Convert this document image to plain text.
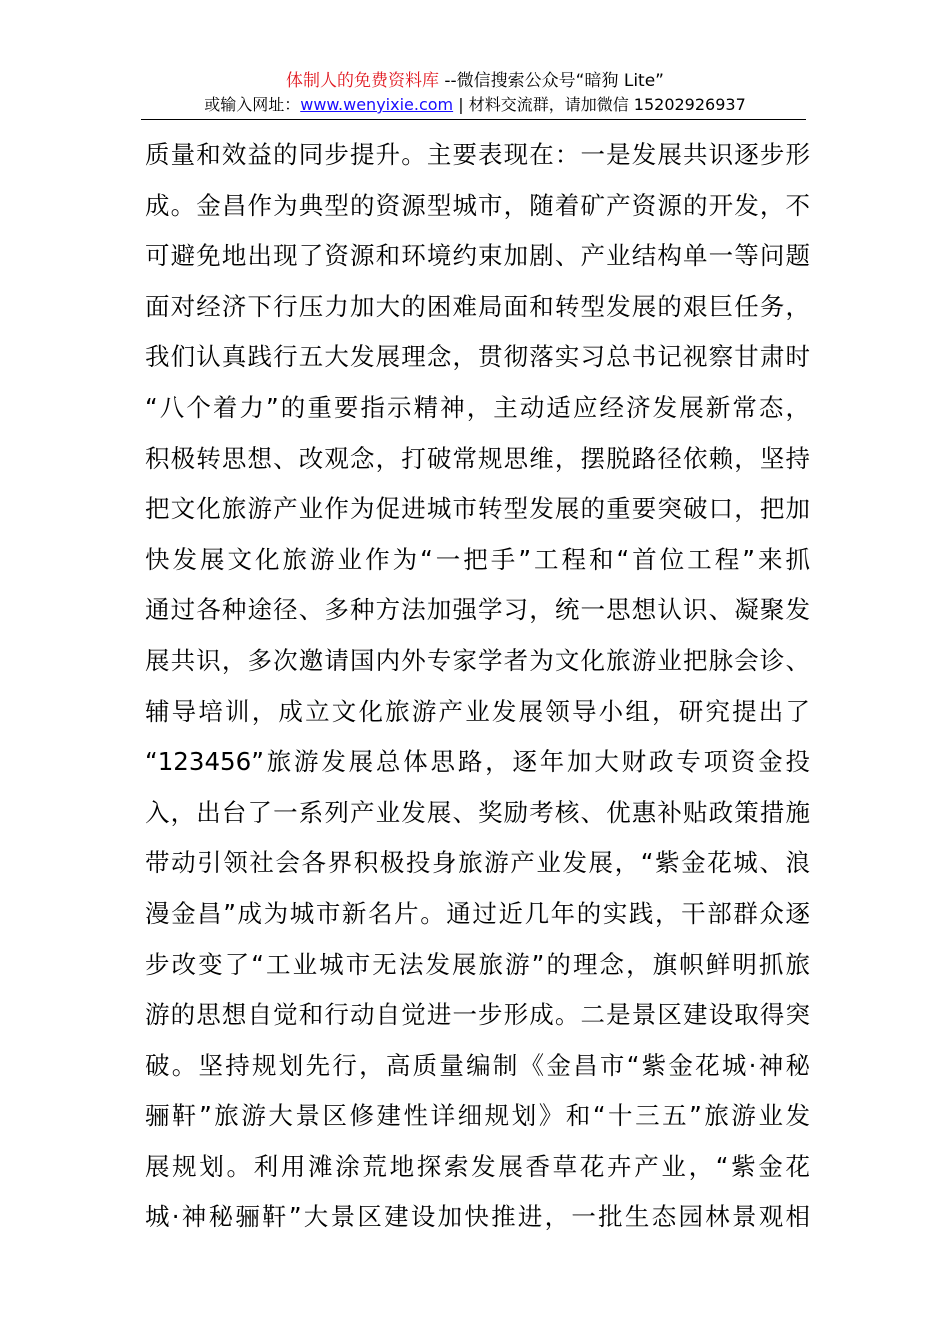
体制人的免费资料库 --微信搜索公众号“暗狗 Lite”
或输入网址：www.wenyixie.com | 材料交流群，请加微信 15202926937
质量和效益的同步提升。主要表现在：一是发展共识逐步形
成。金昌作为典型的资源型城市，随着矿产资源的开发，不
可避免地出现了资源和环境约束加剧、产业结构单一等问题
面对经济下行压力加大的困难局面和转型发展的艰巨任务，
我们认真践行五大发展理念，贯彻落实习总书记视察甘肃时
“八个着力”的重要指示精神，主动适应经济发展新常态，
积极转思想、改观念，打破常规思维，摆脱路径依赖，坚持
把文化旅游产业作为促进城市转型发展的重要突破口，把加
快发展文化旅游业作为“一把手”工程和“首位工程”来抓
通过各种途径、多种方法加强学习，统一思想认识、凝聚发
展共识，多次邀请国内外专家学者为文化旅游业把脉会诊、
辅导培训，成立文化旅游产业发展领导小组，研究提出了
“123456”旅游发展总体思路，逐年加大财政专项资金投
入，出台了一系列产业发展、奖励考核、优惠补贴政策措施
带动引领社会各界积极投身旅游产业发展，“紫金花城、浪
漫金昌”成为城市新名片。通过近几年的实践，干部群众逐
步改变了“工业城市无法发展旅游”的理念，旗帜鲜明抓旅
游的思想自觉和行动自觉进一步形成。二是景区建设取得突
破。坚持规划先行，高质量编制《金昌市“紫金花城·神秘
骊靬”旅游大景区修建性详细规划》和“十三五”旅游业发
展规划。利用滩涂荒地探索发展香草花卉产业，“紫金花
城·神秘骊靬”大景区建设加快推进，一批生态园林景观相
